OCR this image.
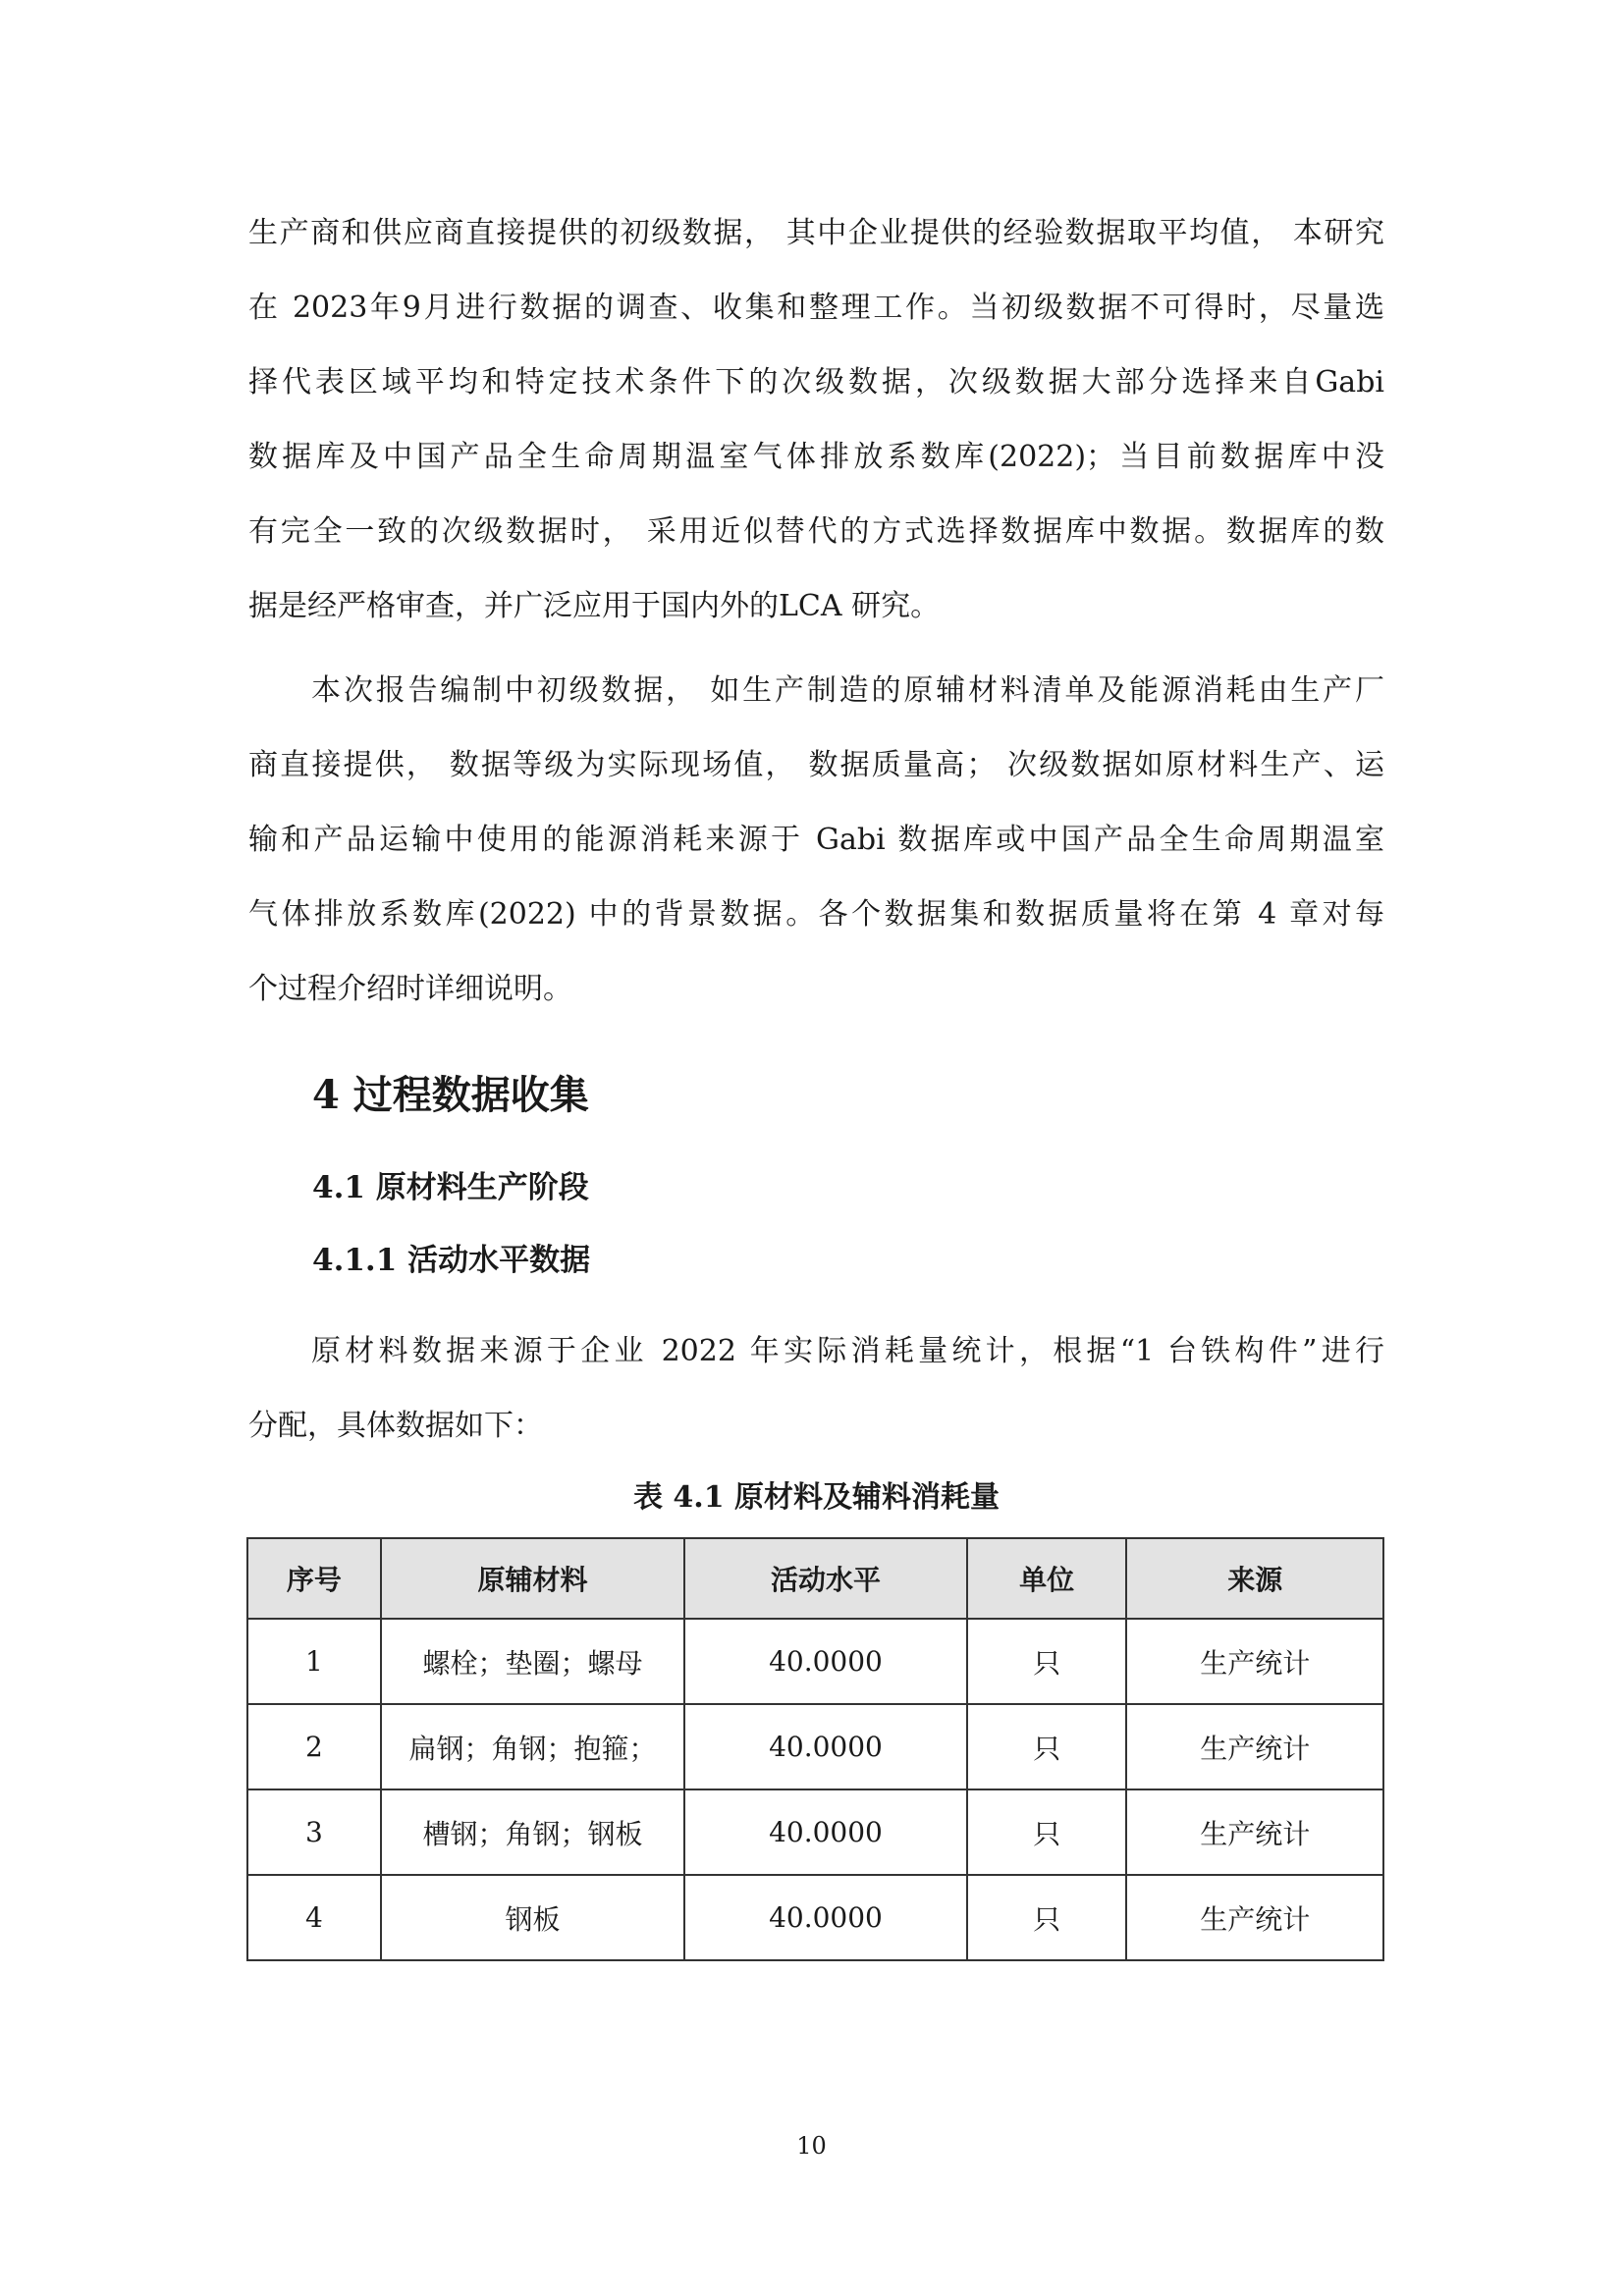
生产商和供应商直接提供的初级数据， 其中企业提供的经验数据取平均值， 本研究
在 2023年9月进行数据的调查、收集和整理工作。当初级数据不可得时，尽量选
择代表区域平均和特定技术条件下的次级数据，次级数据大部分选择来自Gabi
数据库及中国产品全生命周期温室气体排放系数库(2022)；当目前数据库中没
有完全一致的次级数据时， 采用近似替代的方式选择数据库中数据。数据库的数
据是经严格审查，并广泛应用于国内外的LCA 研究。
本次报告编制中初级数据， 如生产制造的原辅材料清单及能源消耗由生产厂
商直接提供， 数据等级为实际现场值， 数据质量高； 次级数据如原材料生产、运
输和产品运输中使用的能源消耗来源于 Gabi 数据库或中国产品全生命周期温室
气体排放系数库(2022) 中的背景数据。各个数据集和数据质量将在第 4 章对每
个过程介绍时详细说明。
4 过程数据收集
4.1 原材料生产阶段
4.1.1 活动水平数据
原材料数据来源于企业 2022 年实际消耗量统计，根据“1 台铁构件”进行
分配，具体数据如下：

表 4.1 原材料及辅料消耗量

序号	原辅材料	活动水平	单位	来源
1	螺栓；垫圈；螺母	40.0000	只	生产统计
2	扁钢；角钢；抱箍；	40.0000	只	生产统计
3	槽钢；角钢；钢板	40.0000	只	生产统计
4	钢板	40.0000	只	生产统计
10
